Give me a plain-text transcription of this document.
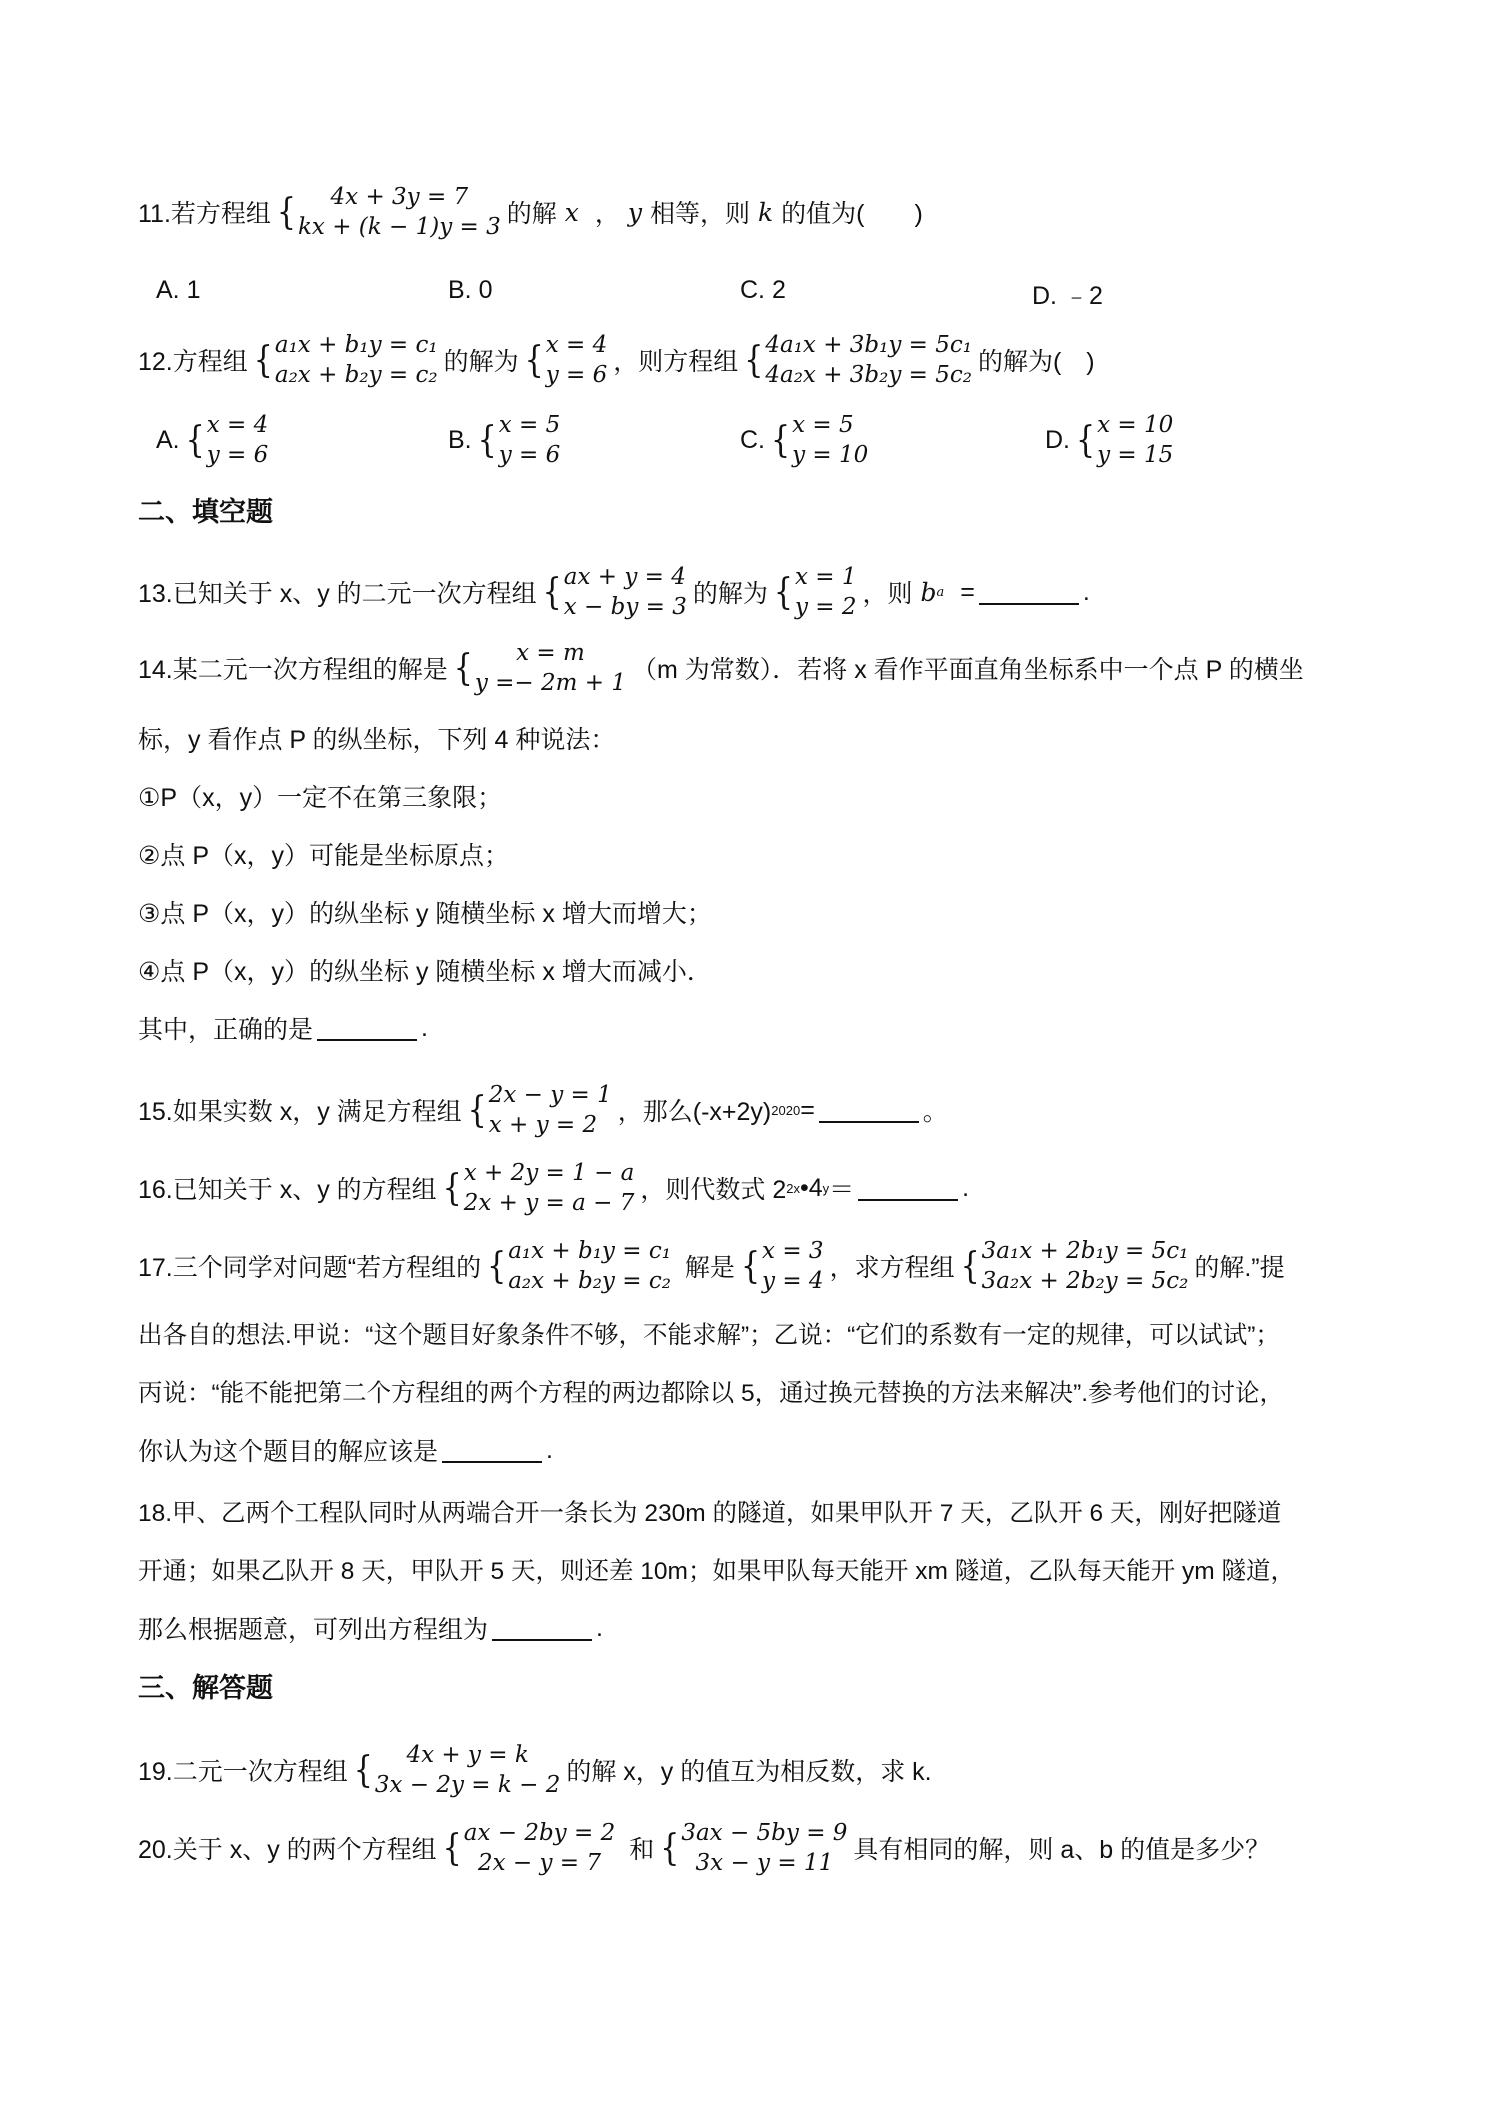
11.若方程组 { 4x + 3y = 7
kx + (k − 1)y = 3 的解 x ， y 相等，则 k 的值为(　　)
A. 1	B. 0	C. 2	D. ﹣2
12.方程组 { a₁x + b₁y = c₁
a₂x + b₂y = c₂ 的解为 { x = 4
y = 6 ，则方程组 { 4a₁x + 3b₁y = 5c₁
4a₂x + 3b₂y = 5c₂ 的解为(　)
A. { x = 4
y = 6
B. { x = 5
y = 6
C. { x = 5
y = 10
D. { x = 10
y = 15
二、填空题
13.已知关于 x、y 的二元一次方程组 { ax + y = 4
x − by = 3 的解为 { x = 1
y = 2 ，则 b a =	.
14.某二元一次方程组的解是 { x = m
y =− 2m + 1 （m 为常数）．若将 x 看作平面直角坐标系中一个点 P 的横坐
标，y 看作点 P 的纵坐标，下列 4 种说法：
①P（x，y）一定不在第三象限；
②点 P（x，y）可能是坐标原点；
③点 P（x，y）的纵坐标 y 随横坐标 x 增大而增大；
④点 P（x，y）的纵坐标 y 随横坐标 x 增大而减小．
其中，正确的是	.
15.如果实数 x，y 满足方程组 { 2x − y = 1
x + y = 2 ，那么(-x+2y) 2020 =	。
16.已知关于 x、y 的方程组 { x + 2y = 1 − a
2x + y = a − 7 ，则代数式 2 2x •4 y ＝	.
17.三个同学对问题“若方程组的 { a₁x + b₁y = c₁
a₂x + b₂y = c₂ 解是 { x = 3
y = 4 ，求方程组 { 3a₁x + 2b₁y = 5c₁
3a₂x + 2b₂y = 5c₂ 的解.”提
出各自的想法.甲说：“这个题目好象条件不够，不能求解”；乙说：“它们的系数有一定的规律，可以试试”；
丙说：“能不能把第二个方程组的两个方程的两边都除以 5，通过换元替换的方法来解决”.参考他们的讨论，
你认为这个题目的解应该是	.
18.甲、乙两个工程队同时从两端合开一条长为 230m 的隧道，如果甲队开 7 天，乙队开 6 天，刚好把隧道
开通；如果乙队开 8 天，甲队开 5 天，则还差 10m；如果甲队每天能开 xm 隧道，乙队每天能开 ym 隧道，
那么根据题意，可列出方程组为	.
三、解答题
19.二元一次方程组 { 4x + y = k
3x − 2y = k − 2 的解 x，y 的值互为相反数，求 k.
20.关于 x、y 的两个方程组 { ax − 2by = 2
2x − y = 7 和 { 3ax − 5by = 9
3x − y = 11 具有相同的解，则 a、b 的值是多少？
